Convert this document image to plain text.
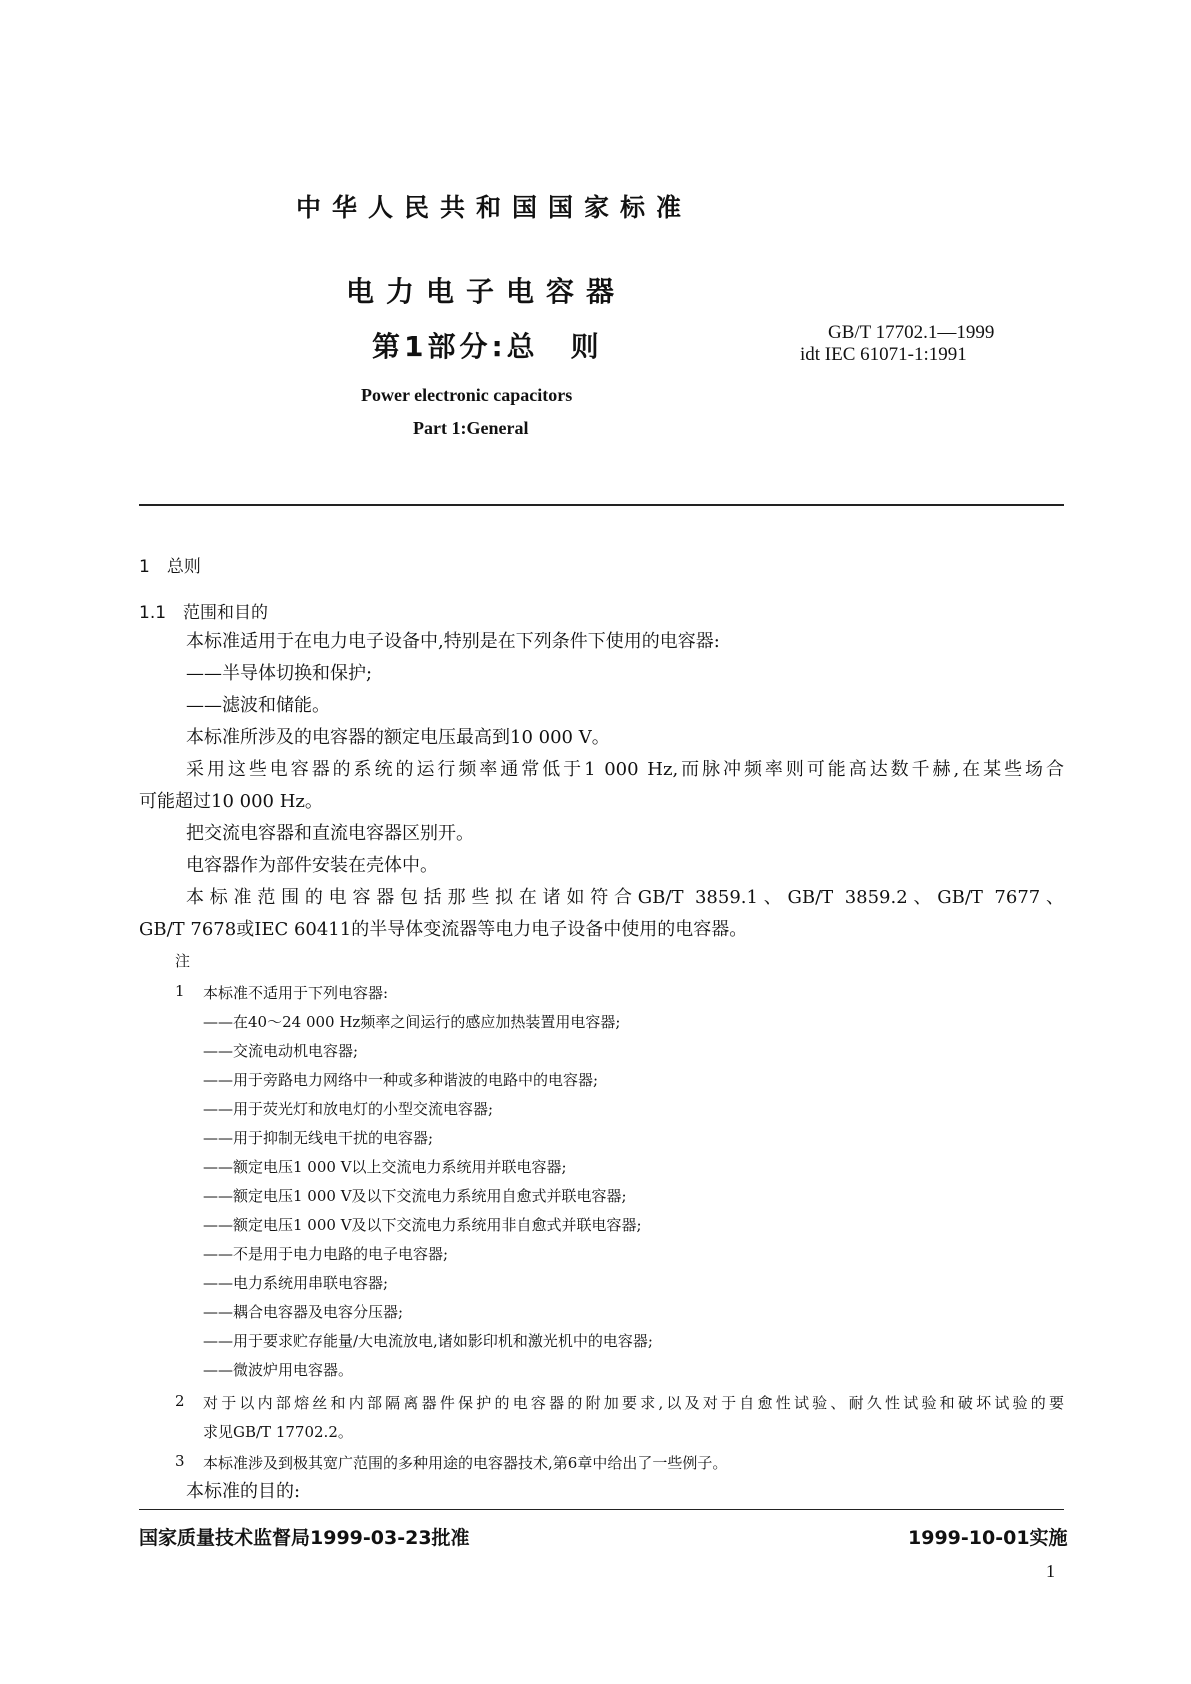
中华人民共和国国家标准
电力电子电容器
第1部分:总　则	GB/T 17702.1—1999
idt IEC 61071-1:1991
Power electronic capacitors
Part 1:General
1　总则
1.1　范围和目的
本标准适用于在电力电子设备中,特别是在下列条件下使用的电容器:
——半导体切换和保护;
——滤波和储能。
本标准所涉及的电容器的额定电压最高到10 000 V。
采用这些电容器的系统的运行频率通常低于1 000 Hz,而脉冲频率则可能高达数千赫,在某些场合
可能超过10 000 Hz。
把交流电容器和直流电容器区别开。
电容器作为部件安装在壳体中。
本标准范围的电容器包括那些拟在诸如符合GB/T 3859.1、GB/T 3859.2、GB/T 7677、
GB/T 7678或IEC 60411的半导体变流器等电力电子设备中使用的电容器。
注
1 本标准不适用于下列电容器:
——在40～24 000 Hz频率之间运行的感应加热装置用电容器;
——交流电动机电容器;
——用于旁路电力网络中一种或多种谐波的电路中的电容器;
——用于荧光灯和放电灯的小型交流电容器;
——用于抑制无线电干扰的电容器;
——额定电压1 000 V以上交流电力系统用并联电容器;
——额定电压1 000 V及以下交流电力系统用自愈式并联电容器;
——额定电压1 000 V及以下交流电力系统用非自愈式并联电容器;
——不是用于电力电路的电子电容器;
——电力系统用串联电容器;
——耦合电容器及电容分压器;
——用于要求贮存能量/大电流放电,诸如影印机和激光机中的电容器;
——微波炉用电容器。
2 对于以内部熔丝和内部隔离器件保护的电容器的附加要求,以及对于自愈性试验、耐久性试验和破坏试验的要
求见GB/T 17702.2。
3 本标准涉及到极其宽广范围的多种用途的电容器技术,第6章中给出了一些例子。
本标准的目的:
国家质量技术监督局1999-03-23批准	1999-10-01实施
1
